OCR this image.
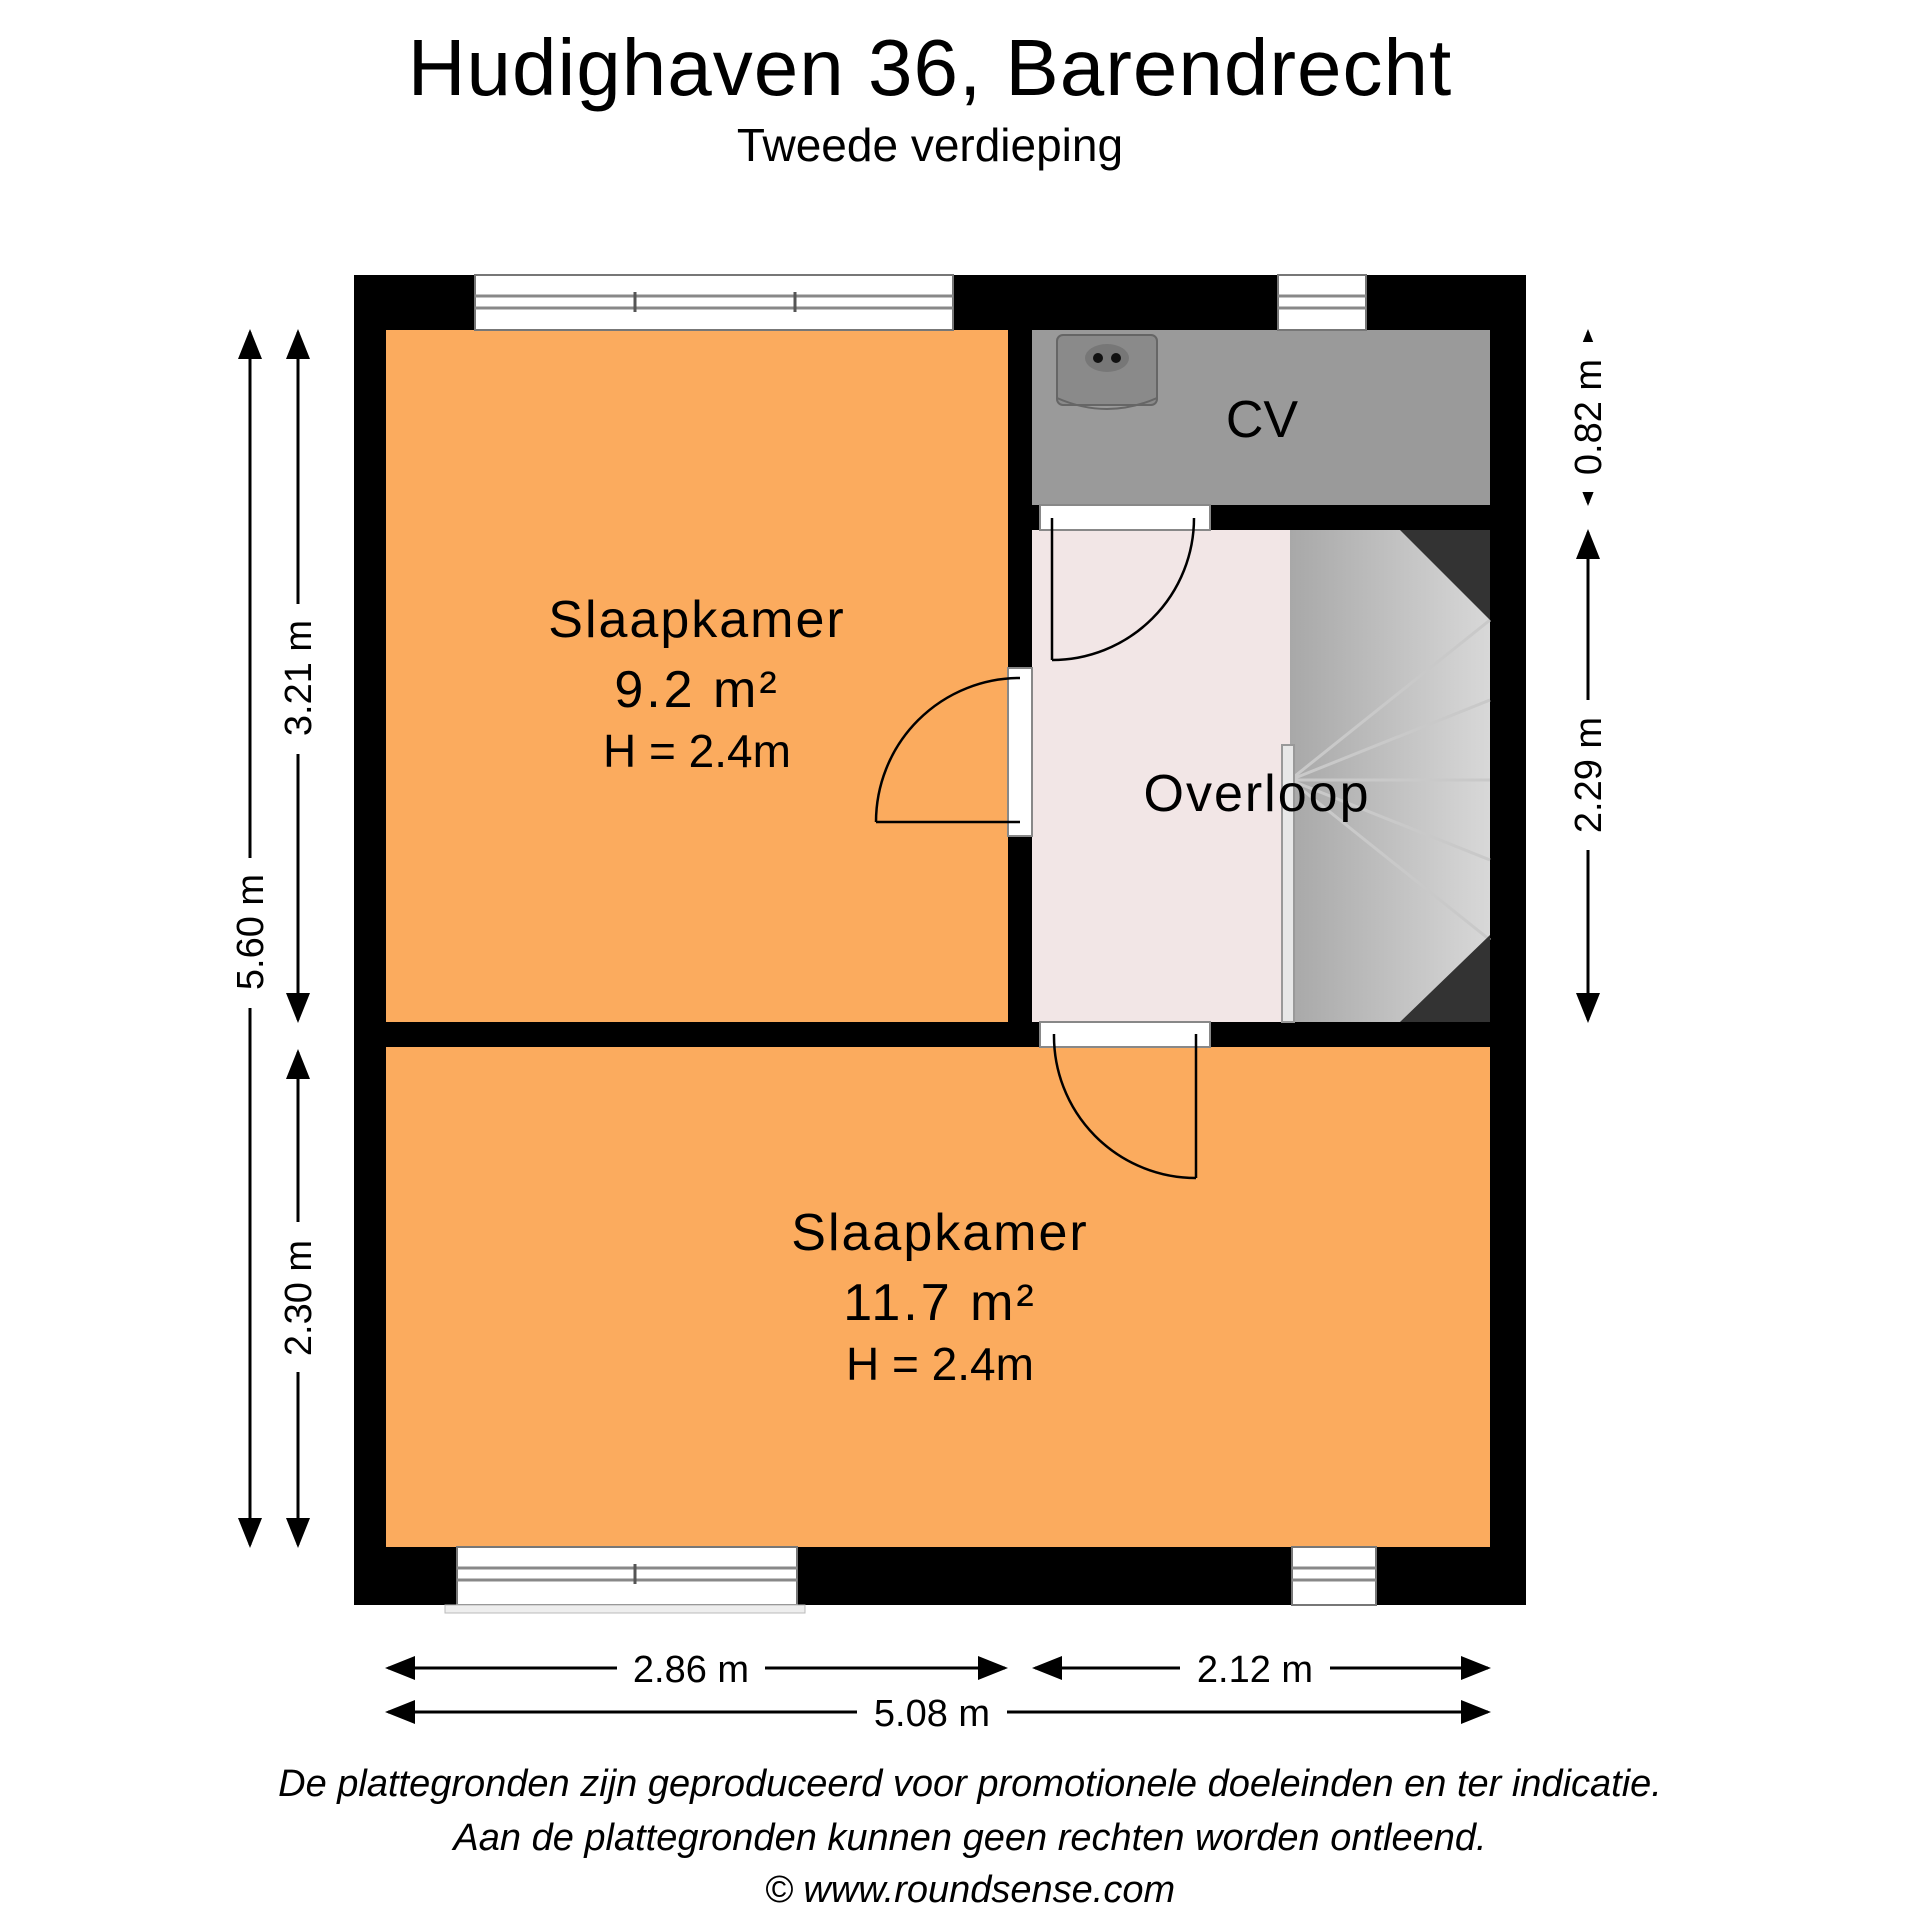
Hudighaven 36, Barendrecht
Tweede verdieping
Slaapkamer
9.2 m²
H = 2.4m
CV
Overloop
Slaapkamer
11.7 m²
H = 2.4m
5.60 m
3.21 m
2.30 m
0.82 m
2.29 m
2.86 m	2.12 m
5.08 m
De plattegronden zijn geproduceerd voor promotionele doeleinden en ter indicatie.
Aan de plattegronden kunnen geen rechten worden ontleend.
© www.roundsense.com
